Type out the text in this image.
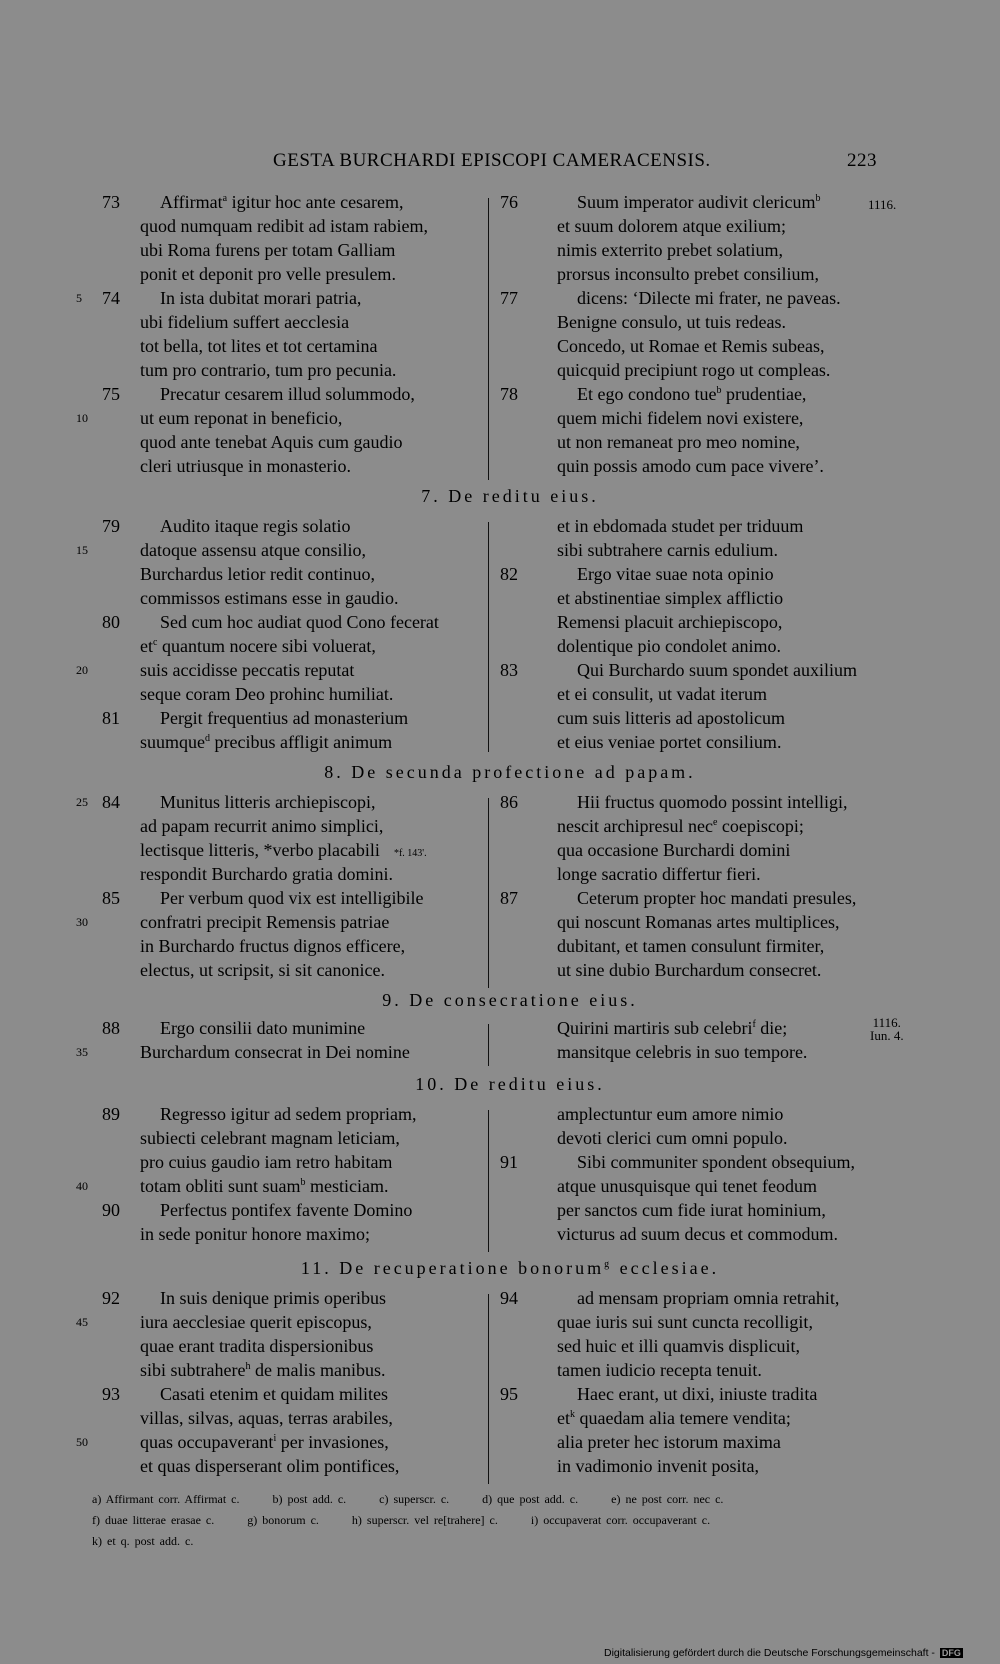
GESTA BURCHARDI EPISCOPI CAMERACENSIS.	223
73	Affirmat$^a$ igitur hoc ante cesarem,
quod numquam redibit ad istam rabiem,
ubi Roma furens per totam Galliam
ponit et deponit pro velle presulem.
5 74	In ista dubitat morari patria,
ubi fidelium suffert aecclesia
tot bella, tot lites et tot certamina
tum pro contrario, tum pro pecunia.
75	Precatur cesarem illud solummodo,
10	ut eum reponat in beneficio,
quod ante tenebat Aquis cum gaudio
cleri utriusque in monasterio.
76	Suum imperator audivit clericum$^b$
et suum dolorem atque exilium;
nimis exterrito prebet solatium,
prorsus inconsulto prebet consilium,
77	dicens: ‘Dilecte mi frater, ne paveas.
Benigne consulo, ut tuis redeas.
Concedo, ut Romae et Remis subeas,
quicquid precipiunt rogo ut compleas.
78	Et ego condono tue$^b$ prudentiae,
quem michi fidelem novi existere,
ut non remaneat pro meo nomine,
quin possis amodo cum pace vivere’.
1116.
7. De reditu eius.
79	Audito itaque regis solatio
15	datoque assensu atque consilio,
Burchardus letior redit continuo,
commissos estimans esse in gaudio.
80	Sed cum hoc audiat quod Cono fecerat
$et^c$ quantum nocere sibi voluerat,
20	suis accidisse peccatis reputat
seque coram Deo prohinc humiliat.
81	Pergit frequentius ad monasterium
suumque$^d$ precibus affligit animum
et in ebdomada studet per triduum
sibi subtrahere carnis edulium.
82	Ergo vitae suae nota opinio
et abstinentiae simplex afflictio
Remensi placuit archiepiscopo,
dolentique pio condolet animo.
83	Qui Burchardo suum spondet auxilium
et ei consulit, ut vadat iterum
cum suis litteris ad apostolicum
et eius veniae portet consilium.
8. De secunda profectione ad papam.
25 84	Munitus litteris archiepiscopi,
ad papam recurrit animo simplici,
lectisque litteris, *verbo placabili *f. 143'.
respondit Burchardo gratia domini.
85	Per verbum quod vix est intelligibile
30	confratri precipit Remensis patriae
in Burchardo fructus dignos efficere,
electus, ut scripsit, si sit canonice.
86	Hii fructus quomodo possint intelligi,
nescit archipresul nec$^e$ coepiscopi;
qua occasione Burchardi domini
longe sacratio differtur fieri.
87	Ceterum propter hoc mandati presules,
qui noscunt Romanas artes multiplices,
dubitant, et tamen consulunt firmiter,
ut sine dubio Burchardum consecret.
9. De consecratione eius.
88	Ergo consilii dato munimine
35	Burchardum consecrat in Dei nomine
Quirini martiris sub celebri$^f$ die;
mansitque celebris in suo tempore.
1116.
Iun. 4.
10. De reditu eius.
89	Regresso igitur ad sedem propriam,
subiecti celebrant magnam leticiam,
pro cuius gaudio iam retro habitam
40	totam obliti sunt suam$^b$ mesticiam.
90	Perfectus pontifex favente Domino
in sede ponitur honore maximo;
amplectuntur eum amore nimio
devoti clerici cum omni populo.
91	Sibi communiter spondent obsequium,
atque unusquisque qui tenet feodum
per sanctos cum fide iurat hominium,
victurus ad suum decus et commodum.
11. De recuperatione bonorum$^g$ ecclesiae.
92	In suis denique primis operibus
45	iura aecclesiae querit episcopus,
quae erant tradita dispersionibus
sibi subtrahere$^h$ de malis manibus.
93	Casati etenim et quidam milites
villas, silvas, aquas, terras arabiles,
50	quas occupaverant$^i$ per invasiones,
et quas disperserant olim pontifices,
94	ad mensam propriam omnia retrahit,
quae iuris sui sunt cuncta recolligit,
sed huic et illi quamvis displicuit,
tamen iudicio recepta tenuit.
95	Haec erant, ut dixi, iniuste tradita
$et^k$ quaedam alia temere vendita;
alia preter hec istorum maxima
in vadimonio invenit posita,
a) Affirmant corr. Affirmat c.	b) post add. c.	c) superscr. c.	d) que post add. c.	e) ne post corr. nec c.
f) duae litterae erasae c.	g) bonorum c.	h) superscr. vel re[trahere] c.	i) occupaverat corr. occupaverant c.
k) et q. post add. c.
Digitalisierung gefördert durch die Deutsche Forschungsgemeinschaft - DFG
